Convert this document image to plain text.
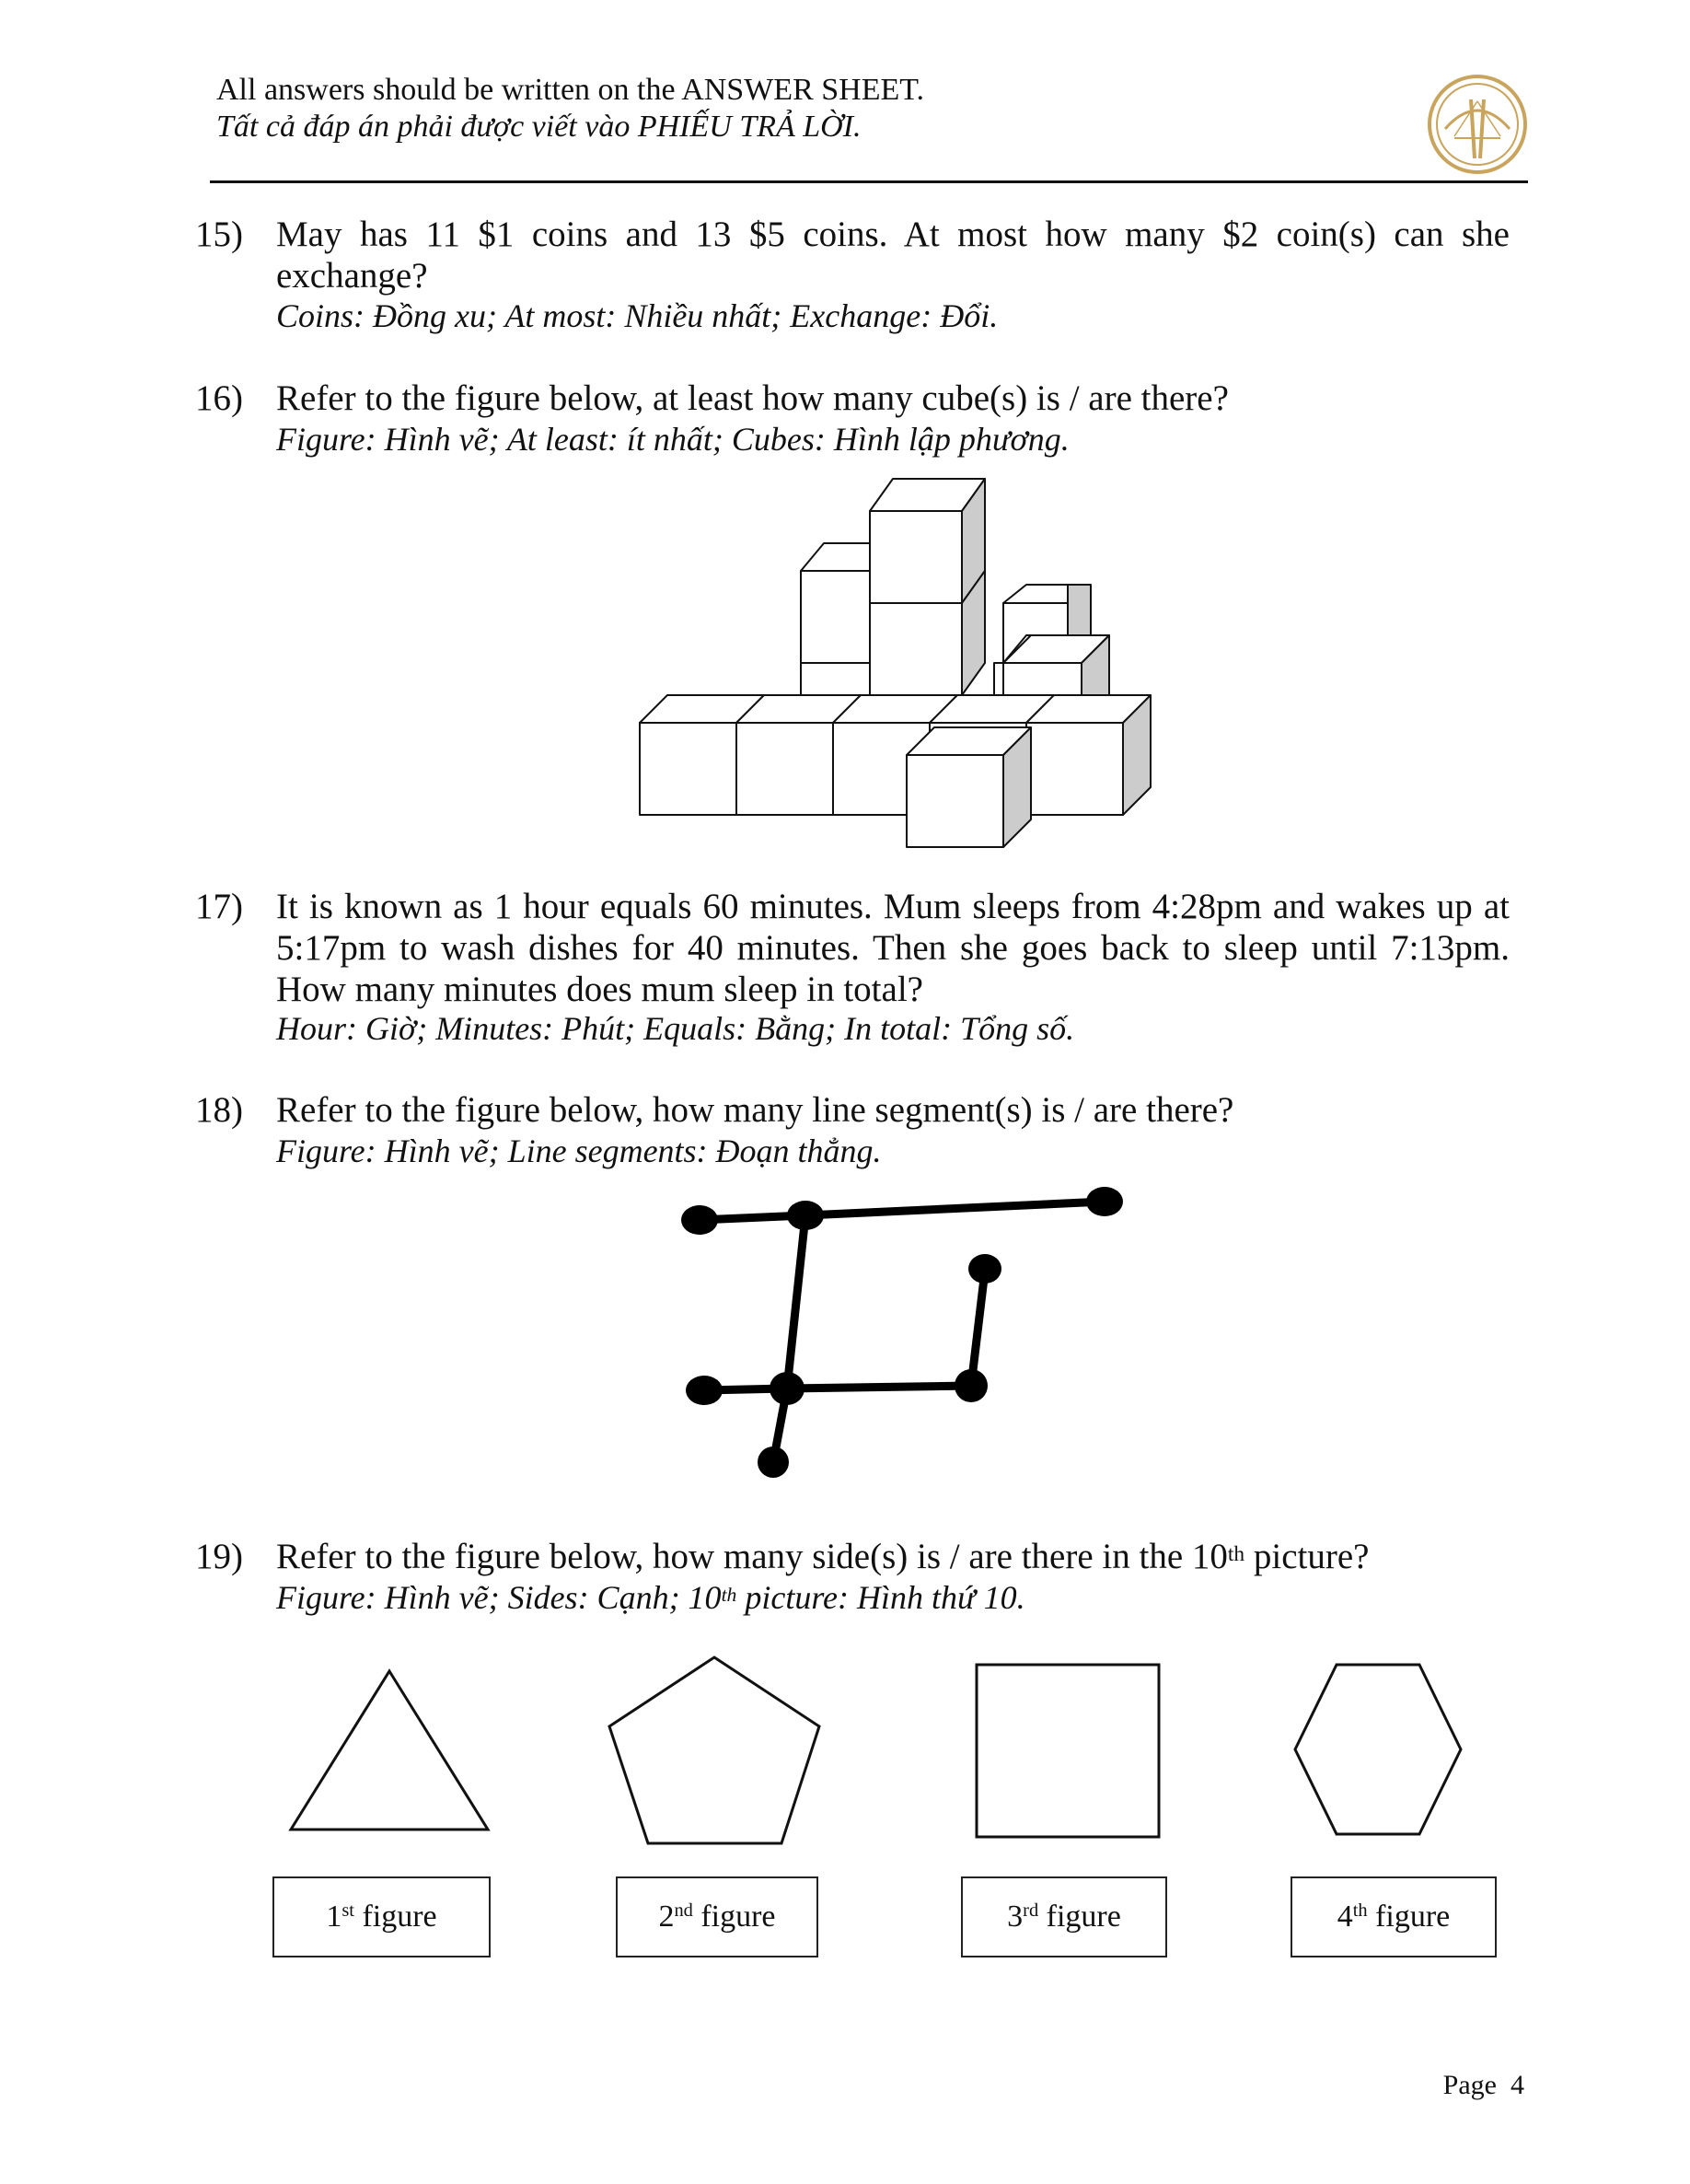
All answers should be written on the ANSWER SHEET.
Tất cả đáp án phải được viết vào PHIẾU TRẢ LỜI.
15) May has 11 $1 coins and 13 $5 coins. At most how many $2 coin(s) can she exchange?
Coins: Đồng xu; At most: Nhiều nhất; Exchange: Đổi.
16) Refer to the figure below, at least how many cube(s) is / are there?
Figure: Hình vẽ; At least: ít nhất; Cubes: Hình lập phương.
17) It is known as 1 hour equals 60 minutes. Mum sleeps from 4:28pm and wakes up at 5:17pm to wash dishes for 40 minutes. Then she goes back to sleep until 7:13pm. How many minutes does mum sleep in total?
Hour: Giờ; Minutes: Phút; Equals: Bằng; In total: Tổng số.
18) Refer to the figure below, how many line segment(s) is / are there?
Figure: Hình vẽ; Line segments: Đoạn thẳng.
19) Refer to the figure below, how many side(s) is / are there in the 10th picture?
Figure: Hình vẽ; Sides: Cạnh; 10th picture: Hình thứ 10.
1st figure	2nd figure	3rd figure	4th figure
Page  4
